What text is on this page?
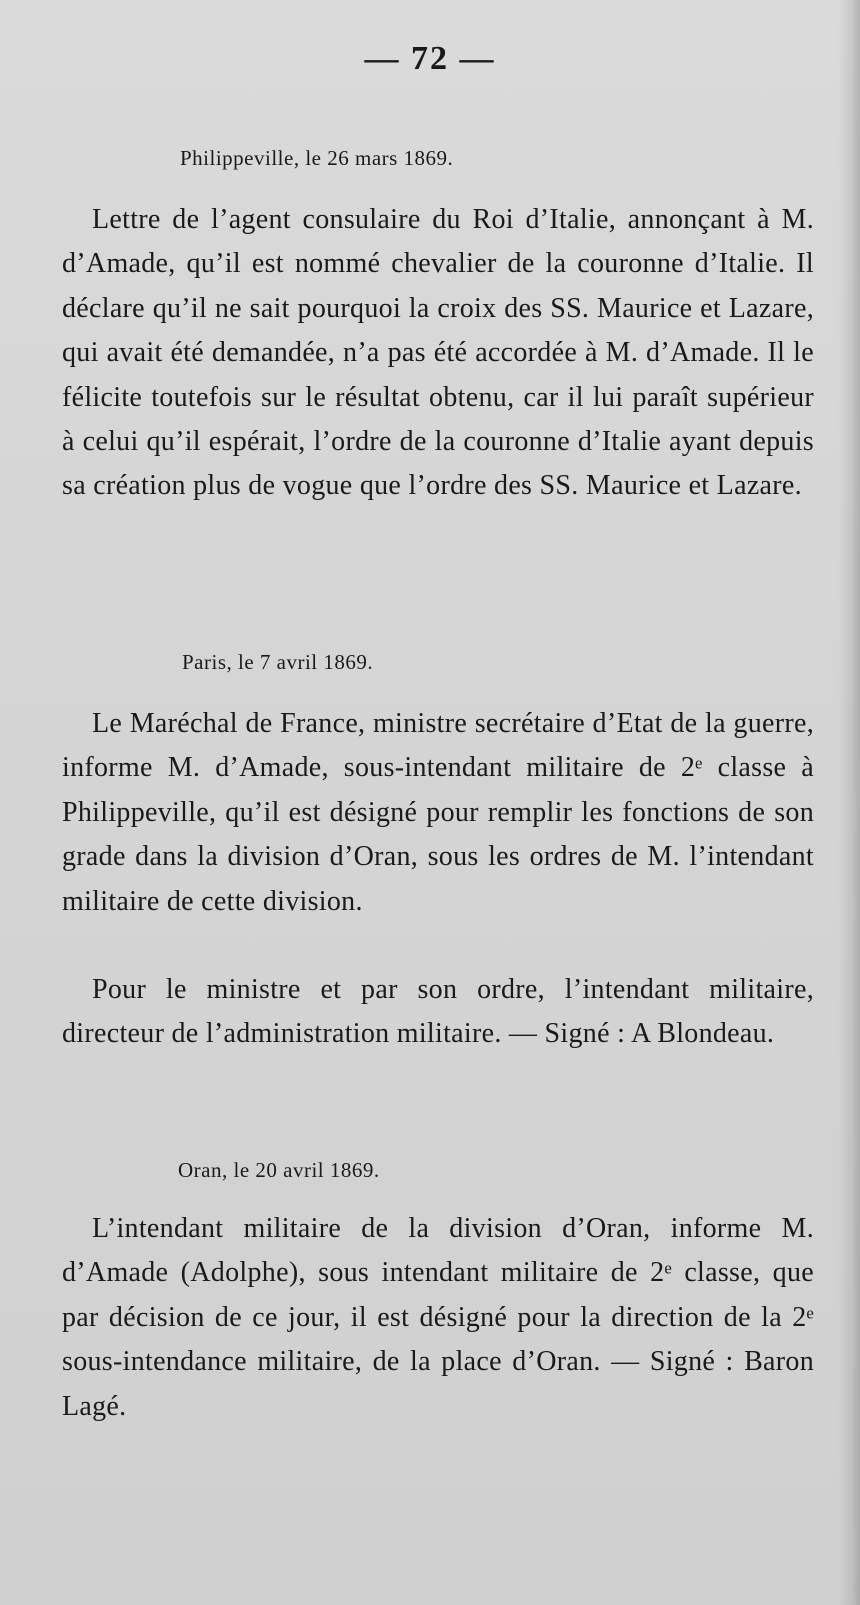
— 72 —
Philippeville, le 26 mars 1869.
Lettre de l’agent consulaire du Roi d’Italie, annonçant à M. d’Amade, qu’il est nommé chevalier de la couronne d’Italie. Il déclare qu’il ne sait pourquoi la croix des SS. Maurice et Lazare, qui avait été demandée, n’a pas été accordée à M. d’Amade. Il le félicite toutefois sur le résultat obtenu, car il lui paraît supérieur à celui qu’il espérait, l’ordre de la couronne d’Italie ayant depuis sa création plus de vogue que l’ordre des SS. Maurice et Lazare.
Paris, le 7 avril 1869.
Le Maréchal de France, ministre secrétaire d’Etat de la guerre, informe M. d’Amade, sous-intendant militaire de 2ᵉ classe à Philippeville, qu’il est désigné pour remplir les fonctions de son grade dans la division d’Oran, sous les ordres de M. l’intendant militaire de cette division.
Pour le ministre et par son ordre, l’intendant militaire, directeur de l’administration militaire. — Signé : A Blondeau.
Oran, le 20 avril 1869.
L’intendant militaire de la division d’Oran, informe M. d’Amade (Adolphe), sous intendant militaire de 2ᵉ classe, que par décision de ce jour, il est désigné pour la direction de la 2ᵉ sous-intendance militaire, de la place d’Oran. — Signé : Baron Lagé.
